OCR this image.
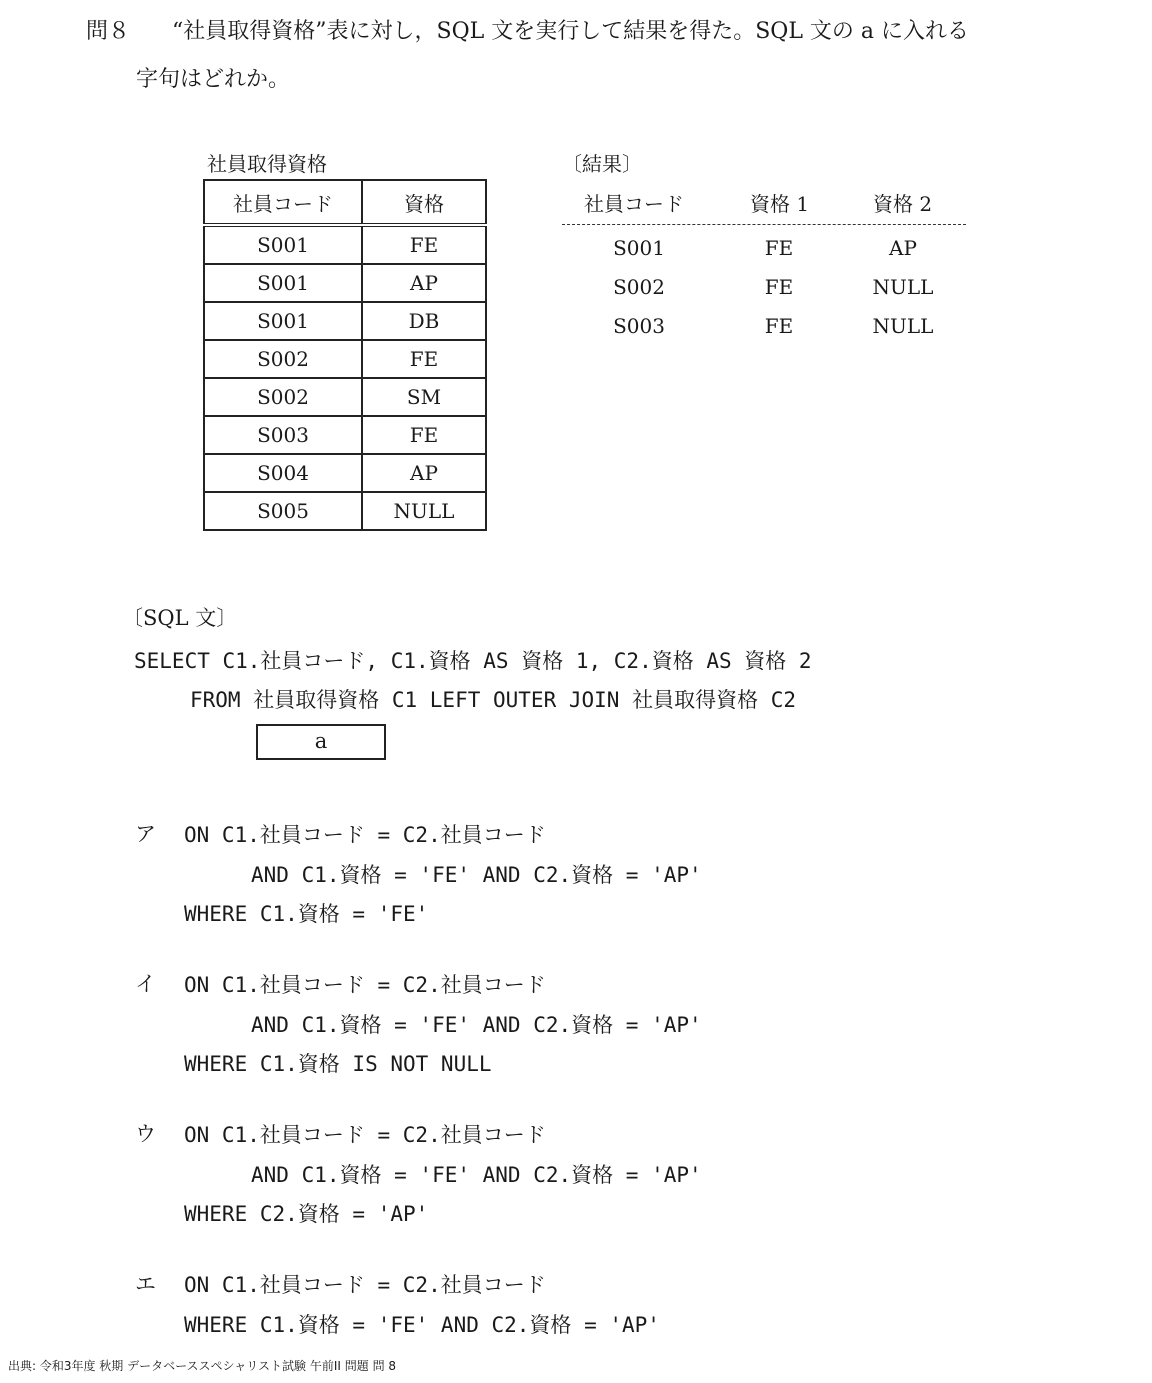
問８ “社員取得資格”表に対し，SQL 文を実行して結果を得た。SQL 文の a に入れる
字句はどれか。
社員取得資格
社員コード	資格
S001	FE
S001	AP
S001	DB
S002	FE
S002	SM
S003	FE
S004	AP
S005	NULL
〔結果〕
社員コード	資格 1	資格 2
S001	FE	AP
S002	FE	NULL
S003	FE	NULL
〔SQL 文〕
SELECT C1.社員コード, C1.資格 AS 資格 1, C2.資格 AS 資格 2
FROM 社員取得資格 C1 LEFT OUTER JOIN 社員取得資格 C2
a
ア ON C1.社員コード = C2.社員コード
AND C1.資格 = 'FE' AND C2.資格 = 'AP'
WHERE C1.資格 = 'FE'
イ ON C1.社員コード = C2.社員コード
AND C1.資格 = 'FE' AND C2.資格 = 'AP'
WHERE C1.資格 IS NOT NULL
ウ ON C1.社員コード = C2.社員コード
AND C1.資格 = 'FE' AND C2.資格 = 'AP'
WHERE C2.資格 = 'AP'
エ ON C1.社員コード = C2.社員コード
WHERE C1.資格 = 'FE' AND C2.資格 = 'AP'
出典: 令和3年度 秋期 データベーススペシャリスト試験 午前II 問題 問 8
